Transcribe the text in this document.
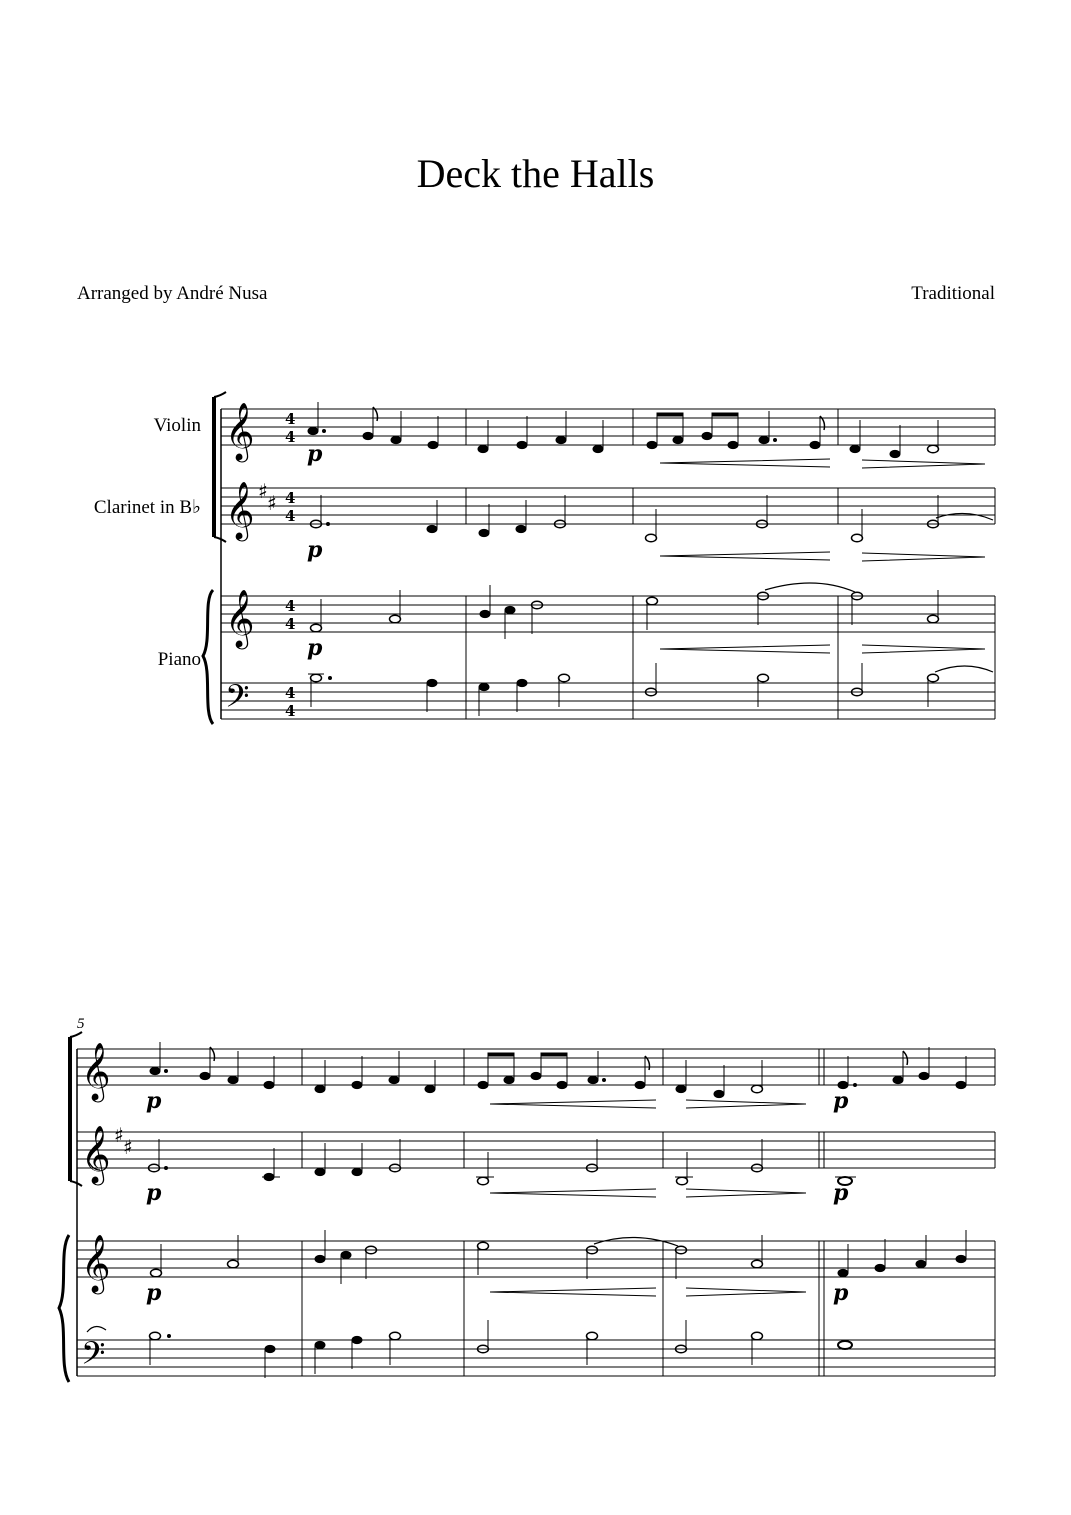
Deck the Halls
Arranged by André Nusa	Traditional
𝄞
𝄞
𝄞
𝄢
♯ ♯
4
4
4
4
4
4
4
4
Violin
Clarinet in B♭
Piano
p
p
p
5
𝄞
𝄞
𝄞
𝄢
♯ ♯
p	p
p	p
p	p
